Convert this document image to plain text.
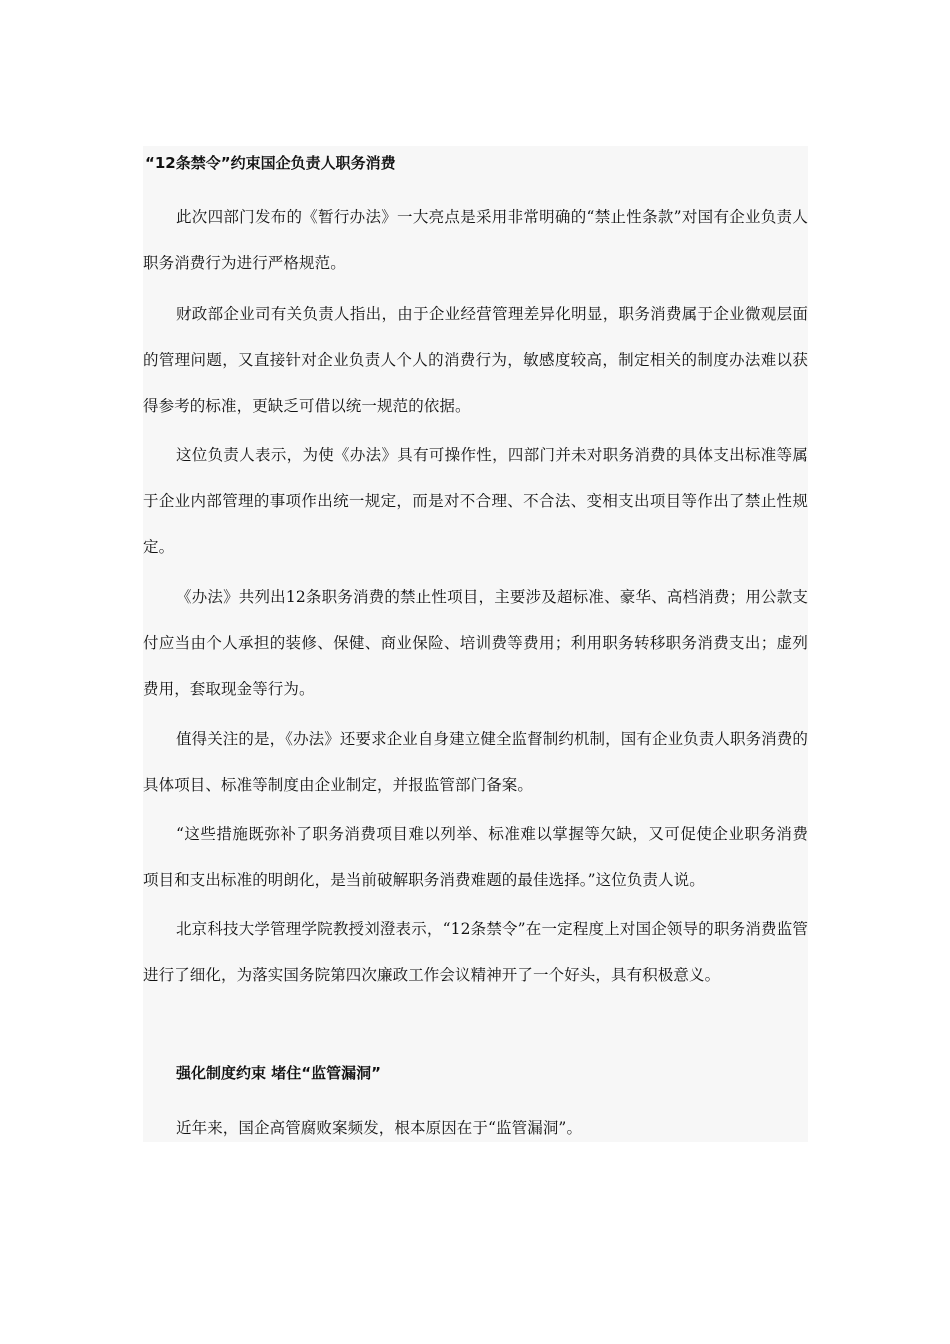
“12条禁令”约束国企负责人职务消费

此次四部门发布的《暂行办法》一大亮点是采用非常明确的“禁止性条款”对国有企业负责人职务消费行为进行严格规范。

财政部企业司有关负责人指出，由于企业经营管理差异化明显，职务消费属于企业微观层面的管理问题，又直接针对企业负责人个人的消费行为，敏感度较高，制定相关的制度办法难以获得参考的标准，更缺乏可借以统一规范的依据。

这位负责人表示，为使《办法》具有可操作性，四部门并未对职务消费的具体支出标准等属于企业内部管理的事项作出统一规定，而是对不合理、不合法、变相支出项目等作出了禁止性规定。

《办法》共列出12条职务消费的禁止性项目，主要涉及超标准、豪华、高档消费；用公款支付应当由个人承担的装修、保健、商业保险、培训费等费用；利用职务转移职务消费支出；虚列费用，套取现金等行为。

值得关注的是，《办法》还要求企业自身建立健全监督制约机制，国有企业负责人职务消费的具体项目、标准等制度由企业制定，并报监管部门备案。

“这些措施既弥补了职务消费项目难以列举、标准难以掌握等欠缺，又可促使企业职务消费项目和支出标准的明朗化，是当前破解职务消费难题的最佳选择。”这位负责人说。

北京科技大学管理学院教授刘澄表示，“12条禁令”在一定程度上对国企领导的职务消费监管进行了细化，为落实国务院第四次廉政工作会议精神开了一个好头，具有积极意义。

强化制度约束 堵住“监管漏洞”

近年来，国企高管腐败案频发，根本原因在于“监管漏洞”。
